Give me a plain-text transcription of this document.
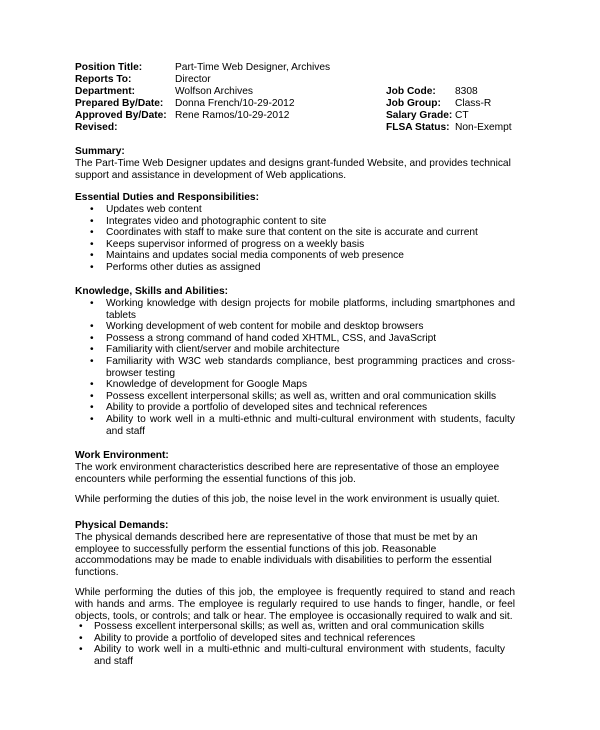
Position Title:	Part-Time Web Designer, Archives
Reports To:	Director
Department:	Wolfson Archives	Job Code: 8308
Prepared By/Date: Donna French/10-29-2012	Job Group: Class-R
Approved By/Date: Rene Ramos/10-29-2012	Salary Grade: CT
Revised:	FLSA Status: Non-Exempt
Summary:

The Part-Time Web Designer updates and designs grant-funded Website, and provides technical support and assistance in development of Web applications.

Essential Duties and Responsibilities:
• Updates web content
• Integrates video and photographic content to site
• Coordinates with staff to make sure that content on the site is accurate and current
• Keeps supervisor informed of progress on a weekly basis
• Maintains and updates social media components of web presence
• Performs other duties as assigned
Knowledge, Skills and Abilities:
• Working knowledge with design projects for mobile platforms, including smartphones and tablets
• Working development of web content for mobile and desktop browsers
• Possess a strong command of hand coded XHTML, CSS, and JavaScript
• Familiarity with client/server and mobile architecture
• Familiarity with W3C web standards compliance, best programming practices and cross-browser testing
• Knowledge of development for Google Maps
• Possess excellent interpersonal skills; as well as, written and oral communication skills
• Ability to provide a portfolio of developed sites and technical references
• Ability to work well in a multi-ethnic and multi-cultural environment with students, faculty and staff
Work Environment:

The work environment characteristics described here are representative of those an employee encounters while performing the essential functions of this job.

While performing the duties of this job, the noise level in the work environment is usually quiet.

Physical Demands:

The physical demands described here are representative of those that must be met by an employee to successfully perform the essential functions of this job. Reasonable accommodations may be made to enable individuals with disabilities to perform the essential functions.

While performing the duties of this job, the employee is frequently required to stand and reach with hands and arms. The employee is regularly required to use hands to finger, handle, or feel objects, tools, or controls; and talk or hear. The employee is occasionally required to walk and sit.

• Possess excellent interpersonal skills; as well as, written and oral communication skills
• Ability to provide a portfolio of developed sites and technical references
• Ability to work well in a multi-ethnic and multi-cultural environment with students, faculty and staff
